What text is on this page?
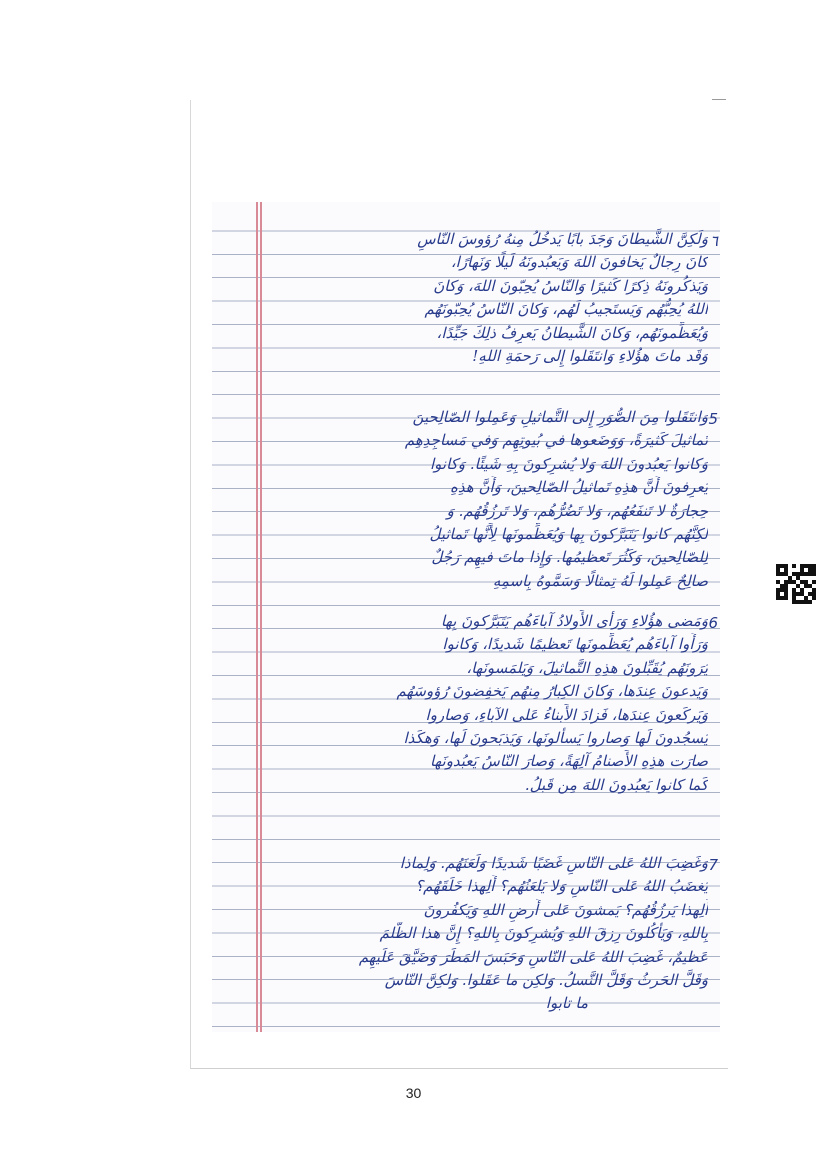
٦
وَلَكِنَّ الشَّيطانَ وَجَدَ بابًا يَدخُلُ مِنهُ رُؤوسَ النّاسِ
كانَ رِجالٌ يَخافونَ اللهَ وَيَعبُدونَهُ لَيلًا وَنَهارًا،
وَيَذكُرونَهُ ذِكرًا كَثيرًا وَالنّاسُ يُحِبّونَ اللهَ، وَكانَ
اللهُ يُحِبُّهُم وَيَستَجيبُ لَهُم، وَكانَ النّاسُ يُحِبّونَهُم
وَيُعَظِّمونَهُم، وَكانَ الشَّيطانُ يَعرِفُ ذلِكَ جَيِّدًا،
وَقَد ماتَ هؤُلاءِ وَانتَقَلوا إِلى رَحمَةِ اللهِ!
5
وَانتَقَلوا مِنَ الصُّوَرِ إِلى التَّماثيلِ وَعَمِلوا الصّالِحينَ
تَماثيلَ كَثيرَةً، وَوَضَعوها في بُيوتِهِم وَفي مَساجِدِهِم
وَكانوا يَعبُدونَ اللهَ وَلا يُشرِكونَ بِهِ شَيئًا. وَكانوا
يَعرِفونَ أَنَّ هذِهِ تَماثيلُ الصّالِحينَ، وَأَنَّ هذِهِ
حِجارَةٌ لا تَنفَعُهُم، وَلا تَضُرُّهُم، وَلا تَرزُقُهُم. وَ
لكِنَّهُم كانوا يَتَبَرَّكونَ بِها وَيُعَظِّمونَها لِأَنَّها تَماثيلُ
لِلصّالِحينَ، وَكَثُرَ تَعظيمُها. وَإِذا ماتَ فيهِم رَجُلٌ
صالِحٌ عَمِلوا لَهُ تِمثالًا وَسَمَّوهُ بِاسمِهِ
6
وَمَضى هؤُلاءِ وَرَأى الأَولادُ آباءَهُم يَتَبَرَّكونَ بِها
وَرَأَوا آباءَهُم يُعَظِّمونَها تَعظيمًا شَديدًا، وَكانوا
يَرَونَهُم يُقَبِّلونَ هذِهِ التَّماثيلَ، وَيَلمَسونَها،
وَيَدعونَ عِندَها، وَكانَ الكِبارُ مِنهُم يَخفِضونَ رُؤوسَهُم
وَيَركَعونَ عِندَها، فَزادَ الأَبناءُ عَلى الآباءِ، وَصاروا
يَسجُدونَ لَها وَصاروا يَسأَلونَها، وَيَذبَحونَ لَها، وَهكَذا
صارَت هذِهِ الأَصنامُ آلِهَةً، وَصارَ النّاسُ يَعبُدونَها
كَما كانوا يَعبُدونَ اللهَ مِن قَبلُ.
7
وَغَضِبَ اللهُ عَلى النّاسِ غَضَبًا شَديدًا وَلَعَنَهُم. وَلِماذا
يَغضَبُ اللهُ عَلى النّاسِ وَلا يَلعَنُهُم؟ أَلِهذا خَلَقَهُم؟
أَلِهذا يَرزُقُهُم؟ يَمشونَ عَلى أَرضِ اللهِ وَيَكفُرونَ
بِاللهِ، وَيَأكُلونَ رِزقَ اللهِ وَيُشرِكونَ بِاللهِ؟ إِنَّ هذا الظُّلمَ
عَظيمٌ، غَضِبَ اللهُ عَلى النّاسِ وَحَبَسَ المَطَرَ وَضَيَّقَ عَلَيهِم
وَقَلَّ الحَرثُ وَقَلَّ النَّسلُ. وَلكِن ما عَقَلوا. وَلكِنَّ النّاسَ
ما تابوا
30
